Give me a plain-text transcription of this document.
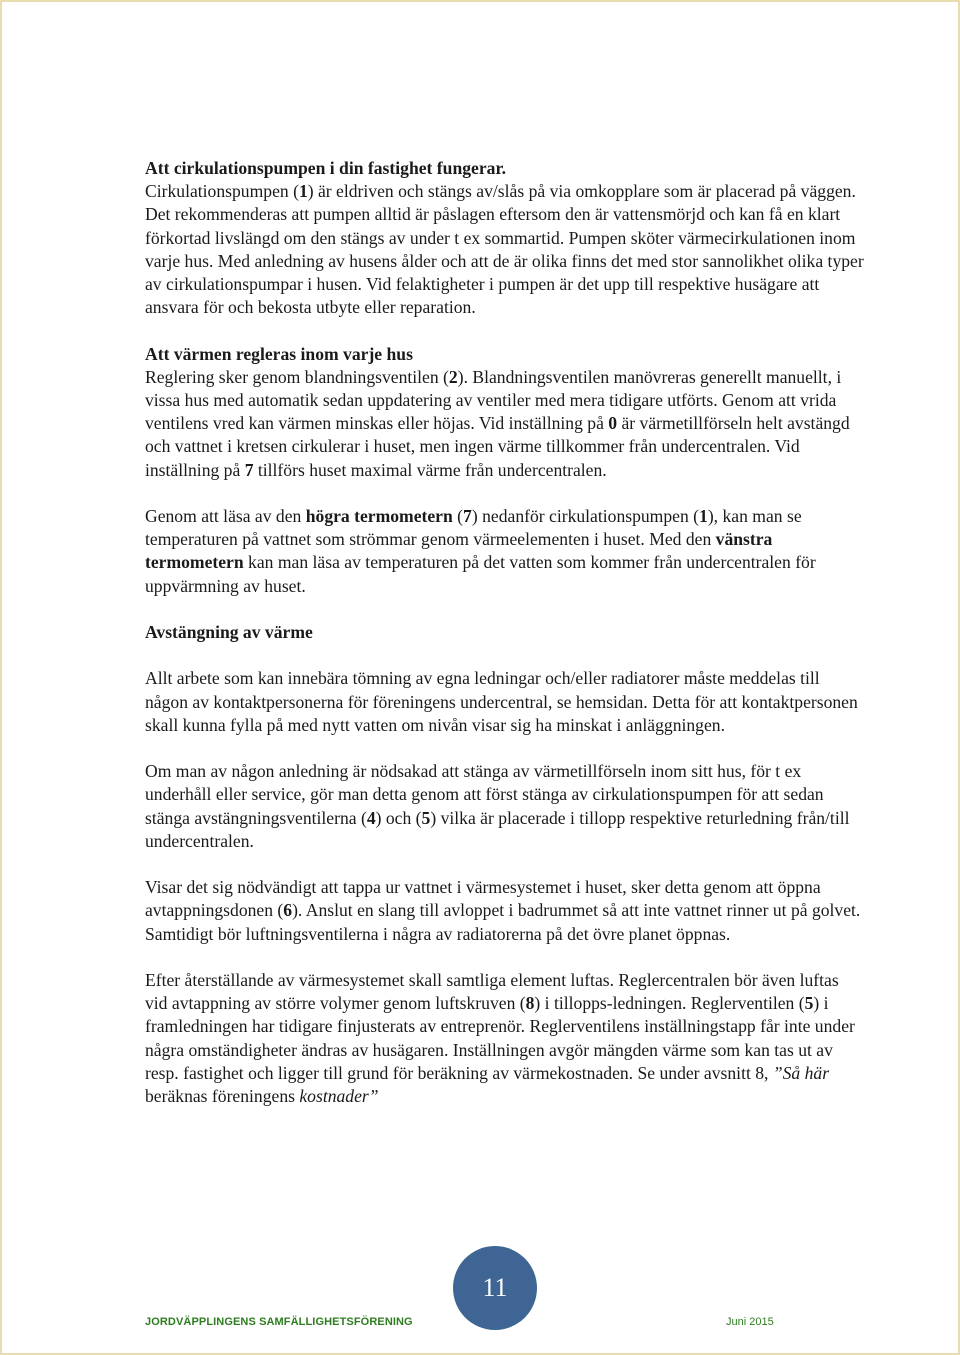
Att cirkulationspumpen i din fastighet fungerar.

Cirkulationspumpen (1) är eldriven och stängs av/slås på via omkopplare som är placerad på väggen. Det rekommenderas att pumpen alltid är påslagen eftersom den är vattensmörjd och kan få en klart förkortad livslängd om den stängs av under t ex sommartid. Pumpen sköter värmecirkulationen inom varje hus. Med anledning av husens ålder och att de är olika finns det med stor sannolikhet olika typer av cirkulationspumpar i husen. Vid felaktigheter i pumpen är det upp till respektive husägare att ansvara för och bekosta utbyte eller reparation.

Att värmen regleras inom varje hus

Reglering sker genom blandningsventilen (2). Blandningsventilen manövreras generellt manuellt, i vissa hus med automatik sedan uppdatering av ventiler med mera tidigare utförts. Genom att vrida ventilens vred kan värmen minskas eller höjas. Vid inställning på 0 är värmetillförseln helt avstängd och vattnet i kretsen cirkulerar i huset, men ingen värme tillkommer från undercentralen. Vid inställning på 7 tillförs huset maximal värme från undercentralen.

Genom att läsa av den högra termometern (7) nedanför cirkulationspumpen (1), kan man se temperaturen på vattnet som strömmar genom värmeelementen i huset. Med den vänstra termometern kan man läsa av temperaturen på det vatten som kommer från undercentralen för uppvärmning av huset.

Avstängning av värme

Allt arbete som kan innebära tömning av egna ledningar och/eller radiatorer måste meddelas till någon av kontaktpersonerna för föreningens undercentral, se hemsidan. Detta för att kontaktpersonen skall kunna fylla på med nytt vatten om nivån visar sig ha minskat i anläggningen.

Om man av någon anledning är nödsakad att stänga av värmetillförseln inom sitt hus, för t ex underhåll eller service, gör man detta genom att först stänga av cirkulationspumpen för att sedan stänga avstängningsventilerna (4) och (5) vilka är placerade i tillopp respektive returledning från/till undercentralen.

Visar det sig nödvändigt att tappa ur vattnet i värmesystemet i huset, sker detta genom att öppna avtappningsdonen (6). Anslut en slang till avloppet i badrummet så att inte vattnet rinner ut på golvet. Samtidigt bör luftningsventilerna i några av radiatorerna på det övre planet öppnas.

Efter återställande av värmesystemet skall samtliga element luftas. Reglercentralen bör även luftas vid avtappning av större volymer genom luftskruven (8) i tillopps-ledningen. Reglerventilen (5) i framledningen har tidigare finjusterats av entreprenör. Reglerventilens inställningstapp får inte under några omständigheter ändras av husägaren. Inställningen avgör mängden värme som kan tas ut av resp. fastighet och ligger till grund för beräkning av värmekostnaden. Se under avsnitt 8, ”Så här beräknas föreningens kostnader”

11
JORDVÄPPLINGENS SAMFÄLLIGHETSFÖRENING	Juni 2015
